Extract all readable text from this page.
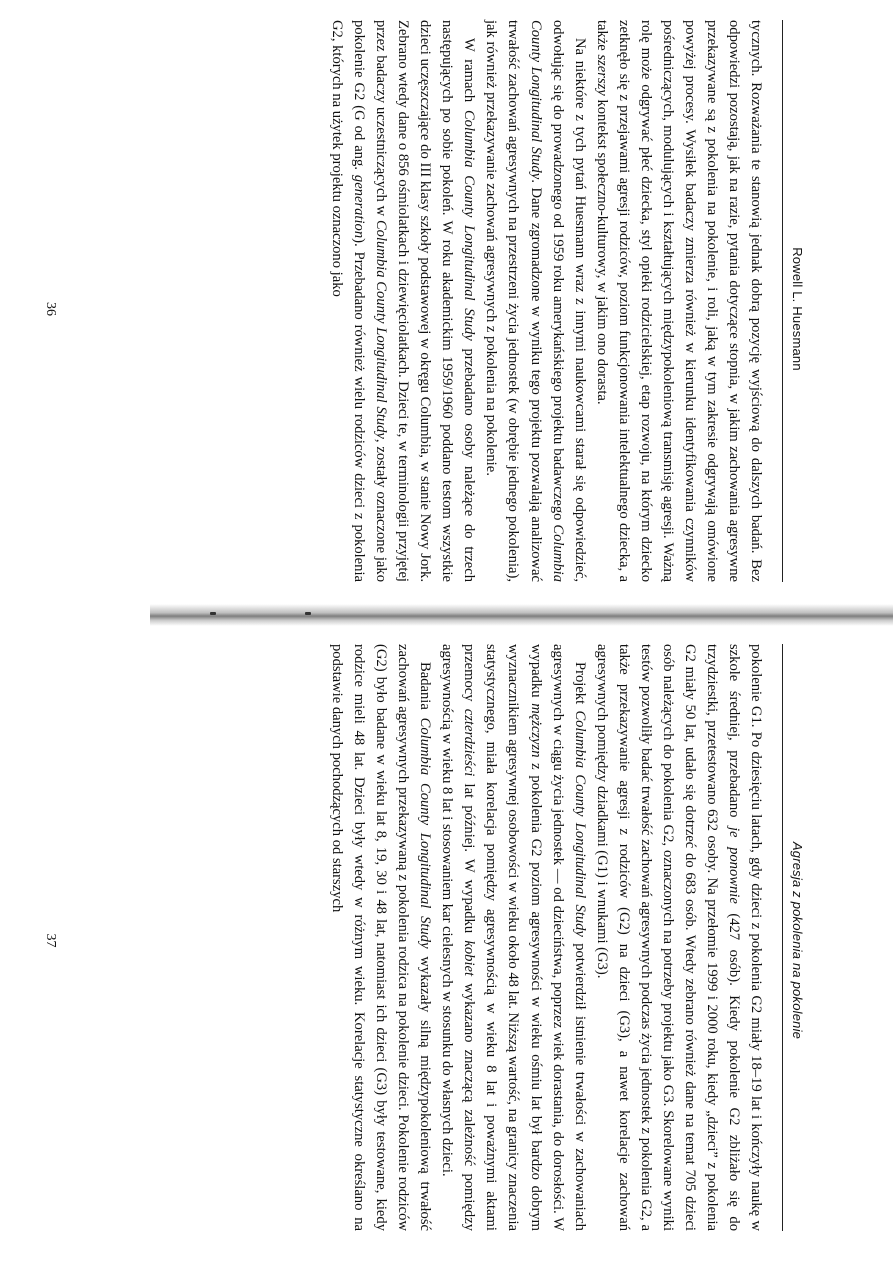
Rowell L. Huesmann

tycznych. Rozważania te stanowią jednak dobrą pozycję wyjściową do dalszych badań. Bez odpowiedzi pozostają, jak na razie, pytania dotyczące stopnia, w jakim zachowania agresywne przekazywane są z pokolenia na pokolenie, i roli, jaką w tym zakresie odgrywają omówione powyżej procesy. Wysiłek badaczy zmierza również w kierunku identyfikowania czynników pośredniczących, modulujących i kształtujących międzypokoleniową transmisję agresji. Ważną rolę może odgrywać płeć dziecka, styl opieki rodzicielskiej, etap rozwoju, na którym dziecko zetknęło się z przejawami agresji rodziców, poziom funkcjonowania intelektualnego dziecka, a także szerszy kontekst społeczno-kulturowy, w jakim ono dorasta.

Na niektóre z tych pytań Huesmann wraz z innymi naukowcami starał się odpowiedzieć, odwołując się do prowadzonego od 1959 roku amerykańskiego projektu badawczego Columbia County Longitudinal Study. Dane zgromadzone w wyniku tego projektu pozwalają analizować trwałość zachowań agresywnych na przestrzeni życia jednostek (w obrębie jednego pokolenia), jak również przekazywanie zachowań agresywnych z pokolenia na pokolenie.

W ramach Columbia County Longitudinal Study przebadano osoby należące do trzech następujących po sobie pokoleń. W roku akademickim 1959/1960 poddano testom wszystkie dzieci uczęszczające do III klasy szkoły podstawowej w okręgu Columbia, w stanie Nowy Jork. Zebrano wtedy dane o 856 ośmiolatkach i dziewięciolatkach. Dzieci te, w terminologii przyjętej przez badaczy uczestniczących w Columbia County Longitudinal Study, zostały oznaczone jako pokolenie G2 (G od ang. generation). Przebadano również wielu rodziców dzieci z pokolenia G2, których na użytek projektu oznaczono jako

36
Agresja z pokolenia na pokolenie

pokolenie G1. Po dziesięciu latach, gdy dzieci z pokolenia G2 miały 18–19 lat i kończyły naukę w szkole średniej, przebadano je ponownie (427 osób). Kiedy pokolenie G2 zbliżało się do trzydziestki, przetestowano 632 osoby. Na przełomie 1999 i 2000 roku, kiedy „dzieci” z pokolenia G2 miały 50 lat, udało się dotrzeć do 683 osób. Wtedy zebrano również dane na temat 705 dzieci osób należących do pokolenia G2, oznaczonych na potrzeby projektu jako G3. Skorelowane wyniki testów pozwoliły badać trwałość zachowań agresywnych podczas życia jednostek z pokolenia G2, a także przekazywanie agresji z rodziców (G2) na dzieci (G3), a nawet korelacje zachowań agresywnych pomiędzy dziadkami (G1) i wnukami (G3).

Projekt Columbia County Longitudinal Study potwierdził istnienie trwałości w zachowaniach agresywnych w ciągu życia jednostek — od dzieciństwa, poprzez wiek dorastania, do dorosłości. W wypadku mężczyzn z pokolenia G2 poziom agresywności w wieku ośmiu lat był bardzo dobrym wyznacznikiem agresywnej osobowości w wieku około 48 lat. Niższą wartość, na granicy znaczenia statystycznego, miała korelacja pomiędzy agresywnością w wieku 8 lat i poważnymi aktami przemocy czterdzieści lat później. W wypadku kobiet wykazano znaczącą zależność pomiędzy agresywnością w wieku 8 lat i stosowaniem kar cielesnych w stosunku do własnych dzieci.

Badania Columbia County Longitudinal Study wykazały silną międzypokoleniową trwałość zachowań agresywnych przekazywaną z pokolenia rodzica na pokolenie dzieci. Pokolenie rodziców (G2) było badane w wieku lat 8, 19, 30 i 48 lat, natomiast ich dzieci (G3) były testowane, kiedy rodzice mieli 48 lat. Dzieci były wtedy w różnym wieku. Korelacje statystyczne określano na podstawie danych pochodzących od starszych

37
